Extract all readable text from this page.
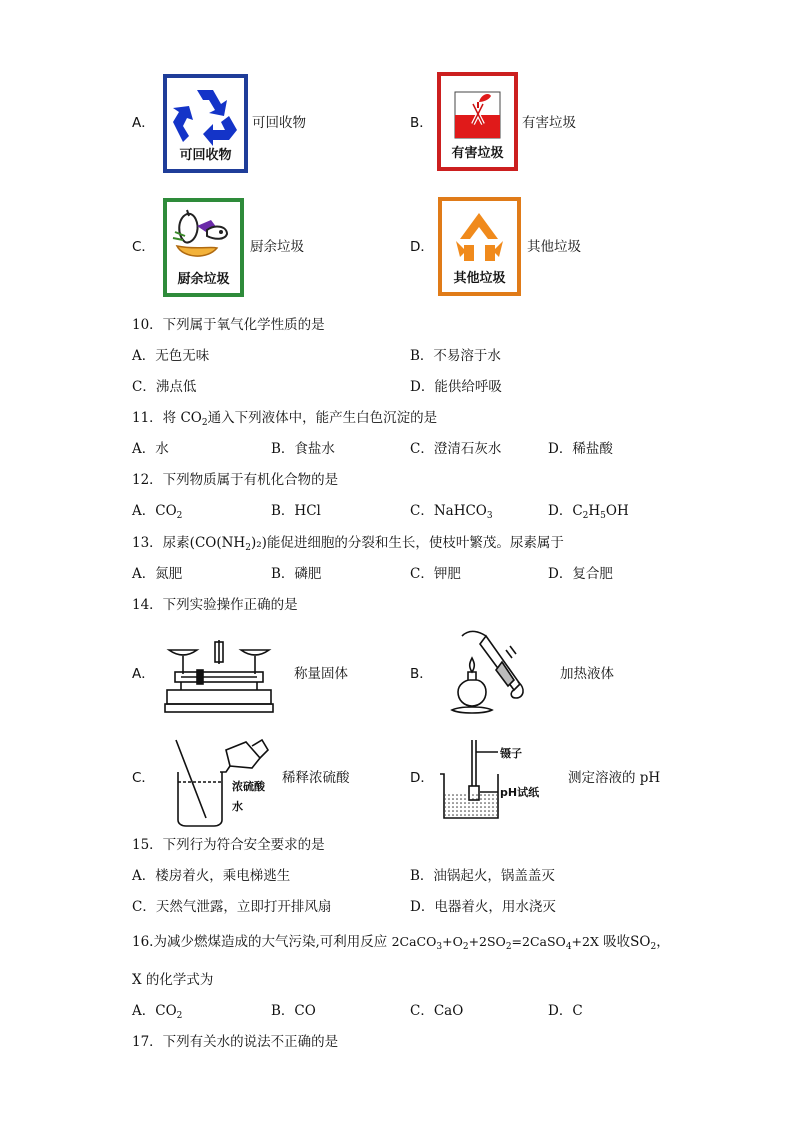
A．
可回收物
可回收物	B．
有害垃圾
有害垃圾
C．
厨余垃圾
厨余垃圾	D．
其他垃圾
其他垃圾
10．下列属于氧气化学性质的是
A．无色无味	B．不易溶于水
C．沸点低	D．能供给呼吸
11．将 $CO_2$通入下列液体中，能产生白色沉淀的是
A．水	B．食盐水	C．澄清石灰水	D．稀盐酸
12．下列物质属于有机化合物的是
A．$CO_2$	B．HCl	C．NaHCO$_3$	D．$C_2H_5OH$
13．尿素$(CO(NH_2)_2)$能促进细胞的分裂和生长，使枝叶繁茂。尿素属于
A．氮肥	B．磷肥	C．钾肥	D．复合肥
14．下列实验操作正确的是
A．	称量固体	B．	加热液体
C．
浓硫酸
水
稀释浓硫酸	D．
镊子
pH试纸
测定溶液的 pH
15．下列行为符合安全要求的是
A．楼房着火，乘电梯逃生	B．油锅起火，锅盖盖灭
C．天然气泄露，立即打开排风扇	D．电器着火，用水浇灭
16.为减少燃煤造成的大气污染,可利用反应 $2CaCO_3+O_2+2SO_2=2CaSO_4+2X$ 吸收$SO_2$，
X 的化学式为
A．$CO_2$	B．CO	C．CaO	D．C
17．下列有关水的说法不正确的是
